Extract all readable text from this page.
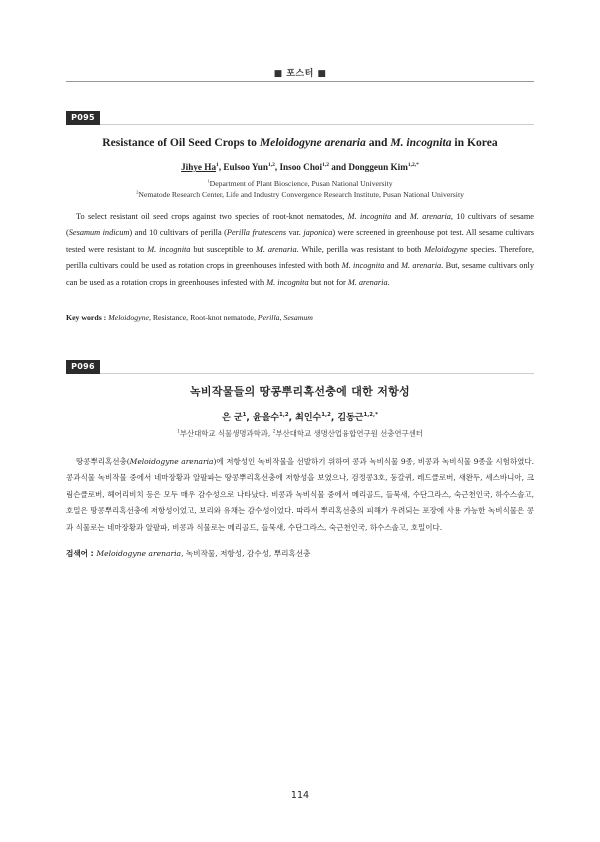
■ 포스터 ■
P095
Resistance of Oil Seed Crops to Meloidogyne arenaria and M. incognita in Korea
Jihye Ha$^1$, Eulsoo Yun$^{1,2}$, Insoo Choi$^{1,2}$ and Donggeun Kim$^{1,2,*}$
$^1$Department of Plant Bioscience, Pusan National University
$^2$Nematode Research Center, Life and Industry Convergence Research Institute, Pusan National University

To select resistant oil seed crops against two species of root-knot nematodes, M. incognita and M. arenaria, 10 cultivars of sesame (Sesamum indicum) and 10 cultivars of perilla (Perilla frutescens var. japonica) were screened in greenhouse pot test. All sesame cultivars tested were resistant to M. incognita but susceptible to M. arenaria. While, perilla was resistant to both Meloidogyne species. Therefore, perilla cultivars could be used as rotation crops in greenhouses infested with both M. incognita and M. arenaria. But, sesame cultivars only can be used as a rotation crops in greenhouses infested with M. incognita but not for M. arenaria.

Key words : Meloidogyne, Resistance, Root-knot nematode, Perilla, Sesamum
P096
녹비작물들의 땅콩뿌리혹선충에 대한 저항성
은 군$^1$, 윤을수$^{1,2}$, 최인수$^{1,2}$, 김동근$^{1,2,*}$
$^1$부산대학교 식물생명과학과, $^2$부산대학교 생명산업융합연구원 선충연구센터

땅콩뿌리혹선충(Meloidogyne arenaria)에 저항성인 녹비작물을 선발하기 위하여 콩과 녹비식물 9종, 비콩과 녹비식물 9종을 시험하였다. 콩과식물 녹비작물 중에서 네마장황과 알팔파는 땅콩뿌리혹선충에 저항성을 보였으나, 검정콩3호, 둥갈퀴, 레드클로버, 새완두, 세스바니아, 크림슨클로버, 헤어리비치 등은 모두 매우 감수성으로 나타났다. 비콩과 녹비식물 중에서 메리골드, 들묵새, 수단그라스, 숙근천인국, 하수스솔고, 호밀은 땅콩뿌리혹선충에 저항성이었고, 보리와 유채는 감수성이었다. 따라서 뿌리혹선충의 피해가 우려되는 포장에 사용 가능한 녹비식물은 콩과 식물로는 네마장황과 알팔파, 비콩과 식물로는 메리골드, 들묵새, 수단그라스, 숙근천인국, 하수스솔고, 호밀이다.

검색어 : Meloidogyne arenaria, 녹비작물, 저항성, 감수성, 뿌리혹선충
114
